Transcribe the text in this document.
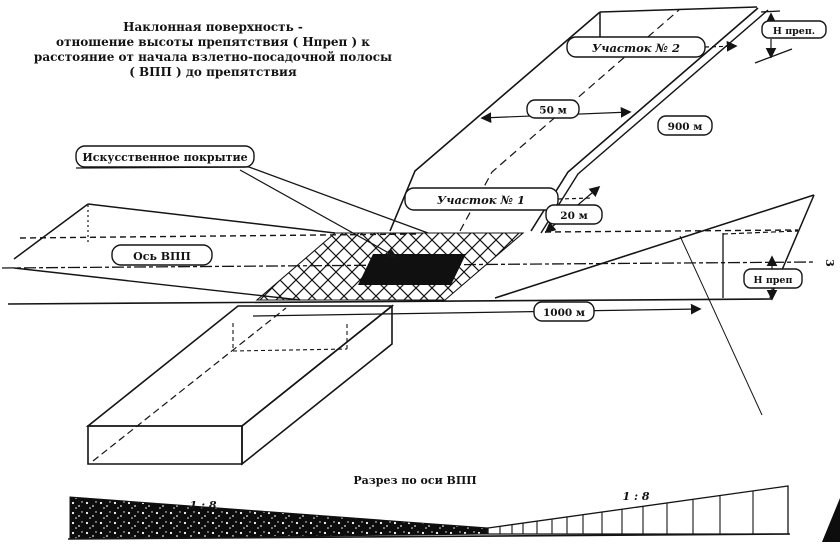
Наклонная поверхность -
отношение высоты препятствия ( Нпреп ) к
расстояние от начала взлетно-посадочной полосы
( ВПП ) до препятствия
Искусственное покрытие
Ось ВПП
Участок № 1
Участок № 2
50 м
900 м
20 м
1000 м
Н преп.
Н преп
3
Разрез по оси ВПП
1 : 8
1 : 8
